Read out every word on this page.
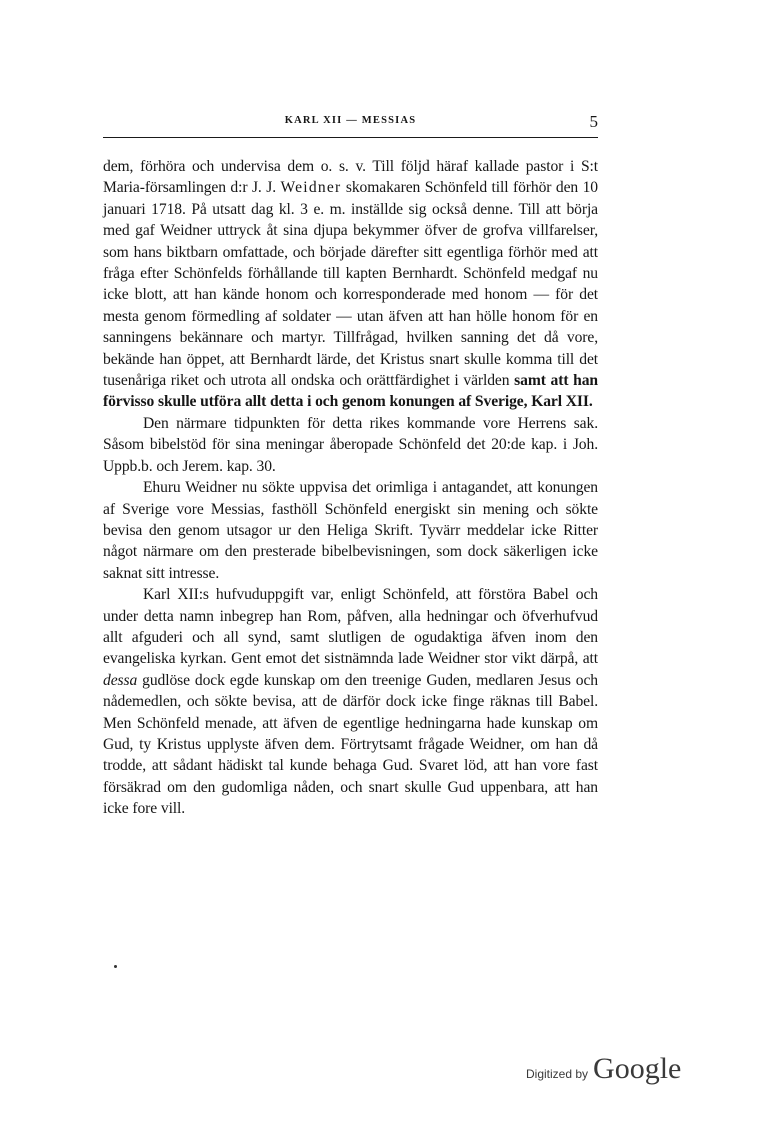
KARL XII — MESSIAS	5

dem, förhöra och undervisa dem o. s. v. Till följd häraf kallade pastor i S:t Maria-församlingen d:r J. J. Weidner skomakaren Schönfeld till förhör den 10 januari 1718. På utsatt dag kl. 3 e. m. inställde sig också denne. Till att börja med gaf Weidner uttryck åt sina djupa bekymmer öfver de grofva villfarelser, som hans biktbarn omfattade, och började därefter sitt egentliga förhör med att fråga efter Schönfelds förhållande till kapten Bernhardt. Schönfeld medgaf nu icke blott, att han kände honom och korresponderade med honom — för det mesta genom förmedling af soldater — utan äfven att han hölle honom för en sanningens bekännare och martyr. Tillfrågad, hvilken sanning det då vore, bekände han öppet, att Bernhardt lärde, det Kristus snart skulle komma till det tusenåriga riket och utrota all ondska och orättfärdighet i världen samt att han förvisso skulle utföra allt detta i och genom konungen af Sverige, Karl XII.

Den närmare tidpunkten för detta rikes kommande vore Herrens sak. Såsom bibelstöd för sina meningar åberopade Schönfeld det 20:de kap. i Joh. Uppb.b. och Jerem. kap. 30.

Ehuru Weidner nu sökte uppvisa det orimliga i antagandet, att konungen af Sverige vore Messias, fasthöll Schönfeld energiskt sin mening och sökte bevisa den genom utsagor ur den Heliga Skrift. Tyvärr meddelar icke Ritter något närmare om den presterade bibelbevisningen, som dock säkerligen icke saknat sitt intresse.

Karl XII:s hufvuduppgift var, enligt Schönfeld, att förstöra Babel och under detta namn inbegrep han Rom, påfven, alla hedningar och öfverhufvud allt afguderi och all synd, samt slutligen de ogudaktiga äfven inom den evangeliska kyrkan. Gent emot det sistnämnda lade Weidner stor vikt därpå, att dessa gudlöse dock egde kunskap om den treenige Guden, medlaren Jesus och nådemedlen, och sökte bevisa, att de därför dock icke finge räknas till Babel. Men Schönfeld menade, att äfven de egentlige hedningarna hade kunskap om Gud, ty Kristus upplyste äfven dem. Förtrytsamt frågade Weidner, om han då trodde, att sådant hädiskt tal kunde behaga Gud. Svaret löd, att han vore fast försäkrad om den gudomliga nåden, och snart skulle Gud uppenbara, att han icke fore vill.

Digitized by Google
